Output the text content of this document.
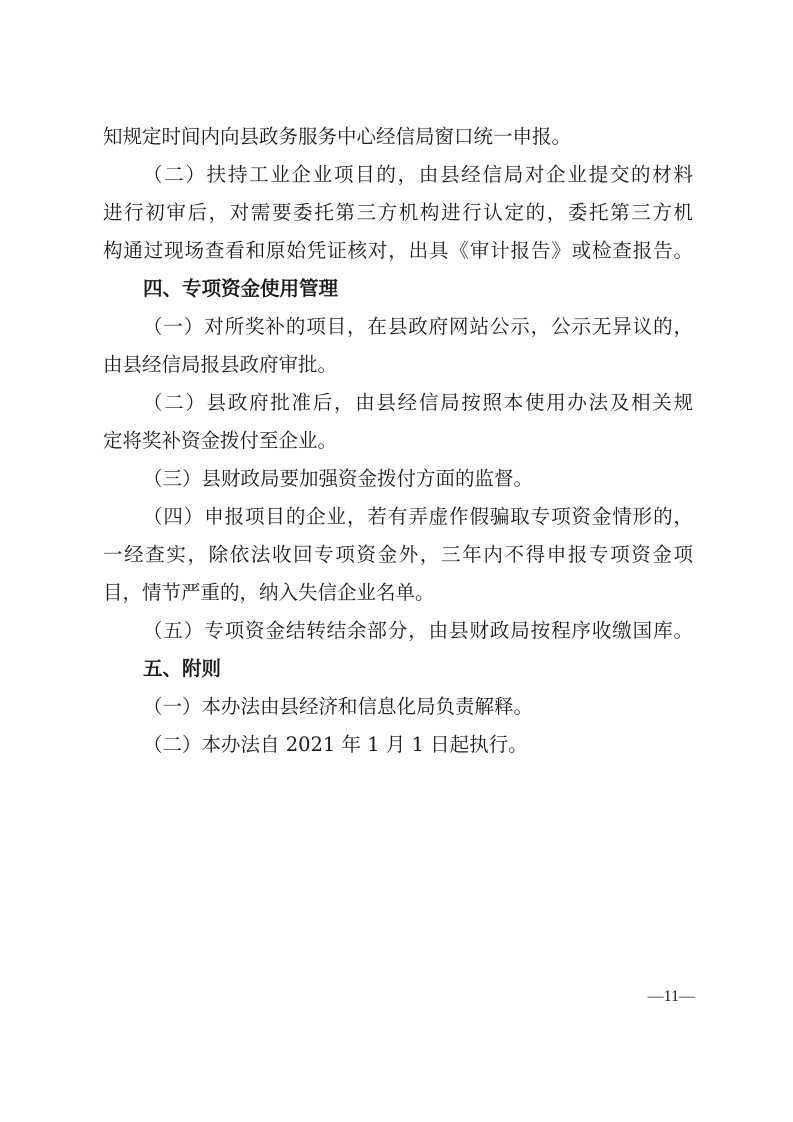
知规定时间内向县政务服务中心经信局窗口统一申报。
（二）扶持工业企业项目的，由县经信局对企业提交的材料
进行初审后，对需要委托第三方机构进行认定的，委托第三方机
构通过现场查看和原始凭证核对，出具《审计报告》或检查报告。
四、专项资金使用管理
（一）对所奖补的项目，在县政府网站公示，公示无异议的，
由县经信局报县政府审批。
（二）县政府批准后，由县经信局按照本使用办法及相关规
定将奖补资金拨付至企业。
（三）县财政局要加强资金拨付方面的监督。
（四）申报项目的企业，若有弄虚作假骗取专项资金情形的，
一经查实，除依法收回专项资金外，三年内不得申报专项资金项
目，情节严重的，纳入失信企业名单。
（五）专项资金结转结余部分，由县财政局按程序收缴国库。
五、附则
（一）本办法由县经济和信息化局负责解释。
（二）本办法自 2021 年 1 月 1 日起执行。
—11—
